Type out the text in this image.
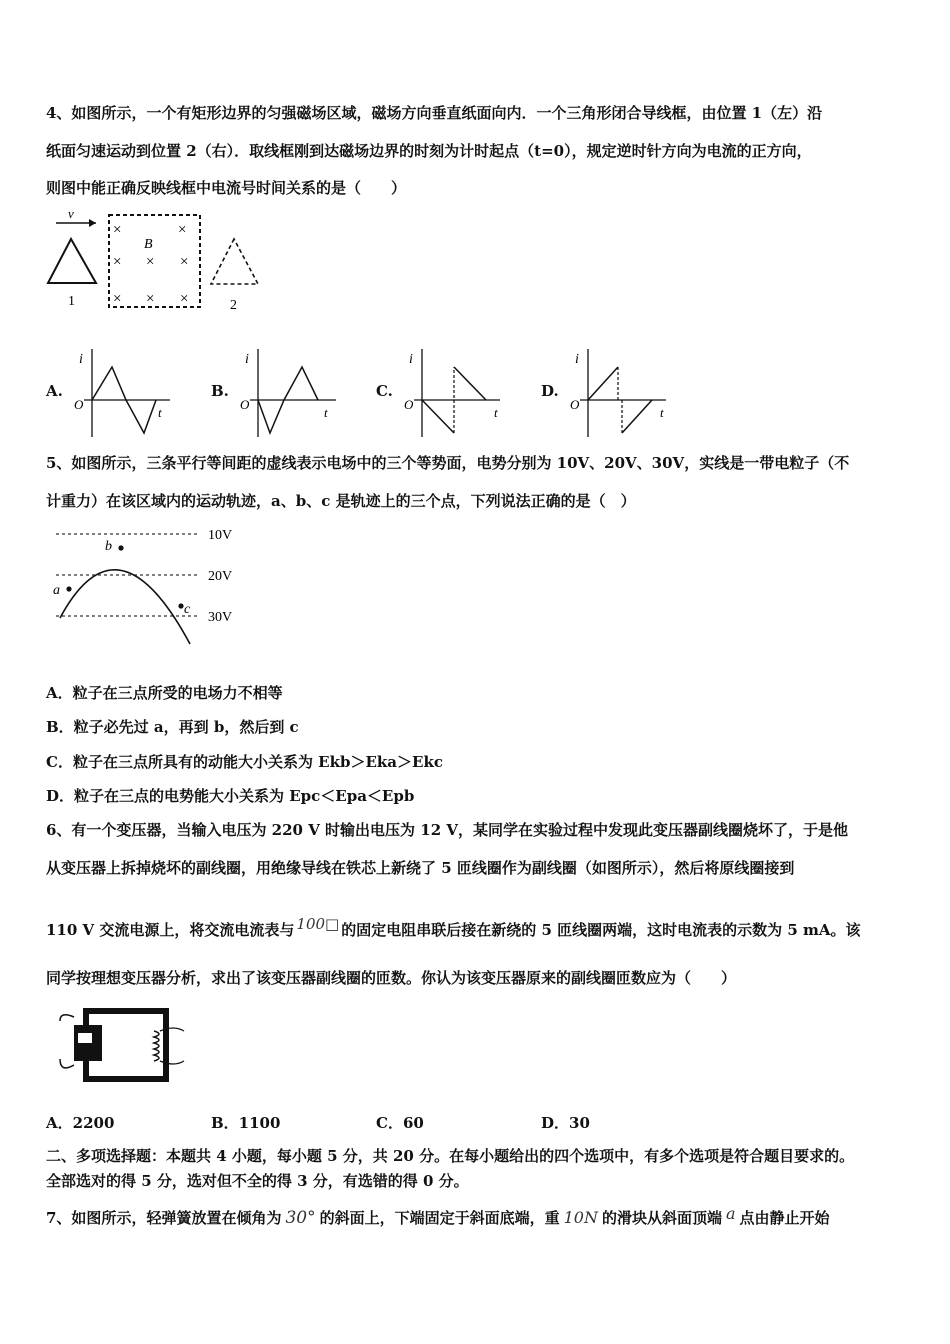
4、如图所示，一个有矩形边界的匀强磁场区域，磁场方向垂直纸面向内．一个三角形闭合导线框，由位置 1（左）沿
纸面匀速运动到位置 2（右）．取线框刚到达磁场边界的时刻为计时起点（t=0），规定逆时针方向为电流的正方向，
则图中能正确反映线框中电流号时间关系的是（　　）
v
1
×	×
B
× × ×
× × ×	2
A.
i
O
t
B.
i
O
t
C.
i
O
t
D.
i
O
t
5、如图所示，三条平行等间距的虚线表示电场中的三个等势面，电势分别为 10V、20V、30V，实线是一带电粒子（不
计重力）在该区域内的运动轨迹，a、b、c 是轨迹上的三个点，下列说法正确的是（　）
10V
20V
30V
a
b
c
A．粒子在三点所受的电场力不相等
B．粒子必先过 a，再到 b，然后到 c
C．粒子在三点所具有的动能大小关系为 Ekb＞Eka＞Ekc
D．粒子在三点的电势能大小关系为 Epc＜Epa＜Epb
6、有一个变压器，当输入电压为 220 V 时输出电压为 12 V，某同学在实验过程中发现此变压器副线圈烧坏了，于是他
从变压器上拆掉烧坏的副线圈，用绝缘导线在铁芯上新绕了 5 匝线圈作为副线圈（如图所示），然后将原线圈接到
110 V 交流电源上，将交流电流表与 100□ 的固定电阻串联后接在新绕的 5 匝线圈两端，这时电流表的示数为 5 mA。该
同学按理想变压器分析，求出了该变压器副线圈的匝数。你认为该变压器原来的副线圈匝数应为（　　）
A．2200	B．1100	C．60	D．30
二、多项选择题：本题共 4 小题，每小题 5 分，共 20 分。在每小题给出的四个选项中，有多个选项是符合题目要求的。
全部选对的得 5 分，选对但不全的得 3 分，有选错的得 0 分。
7、如图所示，轻弹簧放置在倾角为 30° 的斜面上，下端固定于斜面底端，重 10N 的滑块从斜面顶端 a 点由静止开始
